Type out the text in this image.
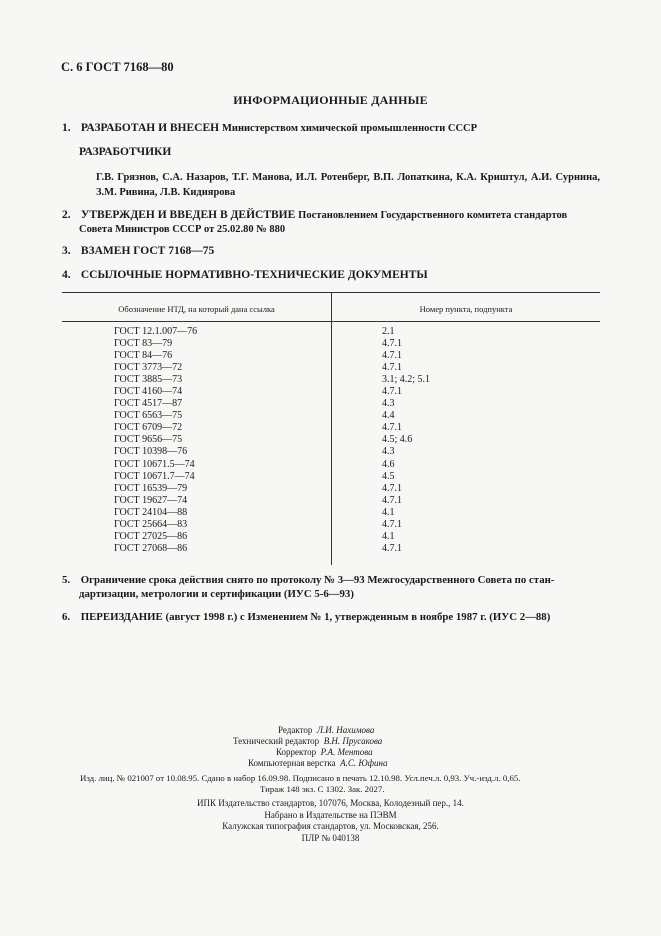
С. 6 ГОСТ 7168—80
ИНФОРМАЦИОННЫЕ ДАННЫЕ
1. РАЗРАБОТАН И ВНЕСЕН Министерством химической промышленности СССР
РАЗРАБОТЧИКИ
Г.В. Грязнов, С.А. Назаров, Т.Г. Манова, И.Л. Ротенберг, В.П. Лопаткина, К.А. Криштул, А.И. Сурнина, З.М. Ривина, Л.В. Кидиярова
2. УТВЕРЖДЕН И ВВЕДЕН В ДЕЙСТВИЕ Постановлением Государственного комитета стандартов
Совета Министров СССР от 25.02.80 № 880
3. ВЗАМЕН ГОСТ 7168—75
4. ССЫЛОЧНЫЕ НОРМАТИВНО-ТЕХНИЧЕСКИЕ ДОКУМЕНТЫ
Обозначение НТД, на который дана ссылка	Номер пункта, подпункта
ГОСТ 12.1.007—76	2.1
ГОСТ 83—79	4.7.1
ГОСТ 84—76	4.7.1
ГОСТ 3773—72	4.7.1
ГОСТ 3885—73	3.1; 4.2; 5.1
ГОСТ 4160—74	4.7.1
ГОСТ 4517—87	4.3
ГОСТ 6563—75	4.4
ГОСТ 6709—72	4.7.1
ГОСТ 9656—75	4.5; 4.6
ГОСТ 10398—76	4.3
ГОСТ 10671.5—74	4.6
ГОСТ 10671.7—74	4.5
ГОСТ 16539—79	4.7.1
ГОСТ 19627—74	4.7.1
ГОСТ 24104—88	4.1
ГОСТ 25664—83	4.7.1
ГОСТ 27025—86	4.1
ГОСТ 27068—86	4.7.1
5. Ограничение срока действия снято по протоколу № 3—93 Межгосударственного Совета по стан-
дартизации, метрологии и сертификации (ИУС 5-6—93)
6. ПЕРЕИЗДАНИЕ (август 1998 г.) с Изменением № 1, утвержденным в ноябре 1987 г. (ИУС 2—88)
Редактор Л.И. Нахимова
Технический редактор В.Н. Прусакова
Корректор Р.А. Ментова
Компьютерная верстка А.С. Юфина
Изд. лиц. № 021007 от 10.08.95. Сдано в набор 16.09.98. Подписано в печать 12.10.98. Усл.печ.л. 0,93. Уч.-изд.л. 0,65.
Тираж 148 экз. С 1302. Зак. 2027.
ИПК Издательство стандартов, 107076, Москва, Колодезный пер., 14.
Набрано в Издательстве на ПЭВМ
Калужская типография стандартов, ул. Московская, 256.
ПЛР № 040138
